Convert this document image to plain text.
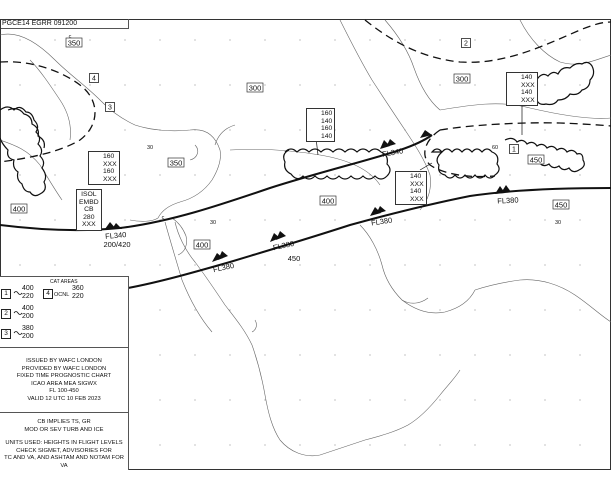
350
300
300
350
400
400
400
450
450
450
FL340
200/420
FL380
FL380
FL380
FL380
FL340
30
30	30
60
c
c
4
3
2
1
PGCE14 EGRR 091200
160
140
160
140
140
XXX
140
XXX
160
XXX
160
XXX
ISOL
EMBD
CB
280
XXX
140
XXX
140
XXX
CAT AREAS
1
400
220
2
400
200
3
380
200
4 OCNL
360
220
ISSUED BY WAFC LONDON
PROVIDED BY WAFC LONDON
FIXED TIME PROGNOSTIC CHART
ICAO AREA MEA SIGWX
FL 100-450
VALID 12 UTC 10 FEB 2023
CB IMPLIES TS, GR
MOD OR SEV TURB AND ICE
UNITS USED: HEIGHTS IN FLIGHT LEVELS
CHECK SIGMET, ADVISORIES FOR
TC AND VA, AND ASHTAM AND NOTAM FOR VA
